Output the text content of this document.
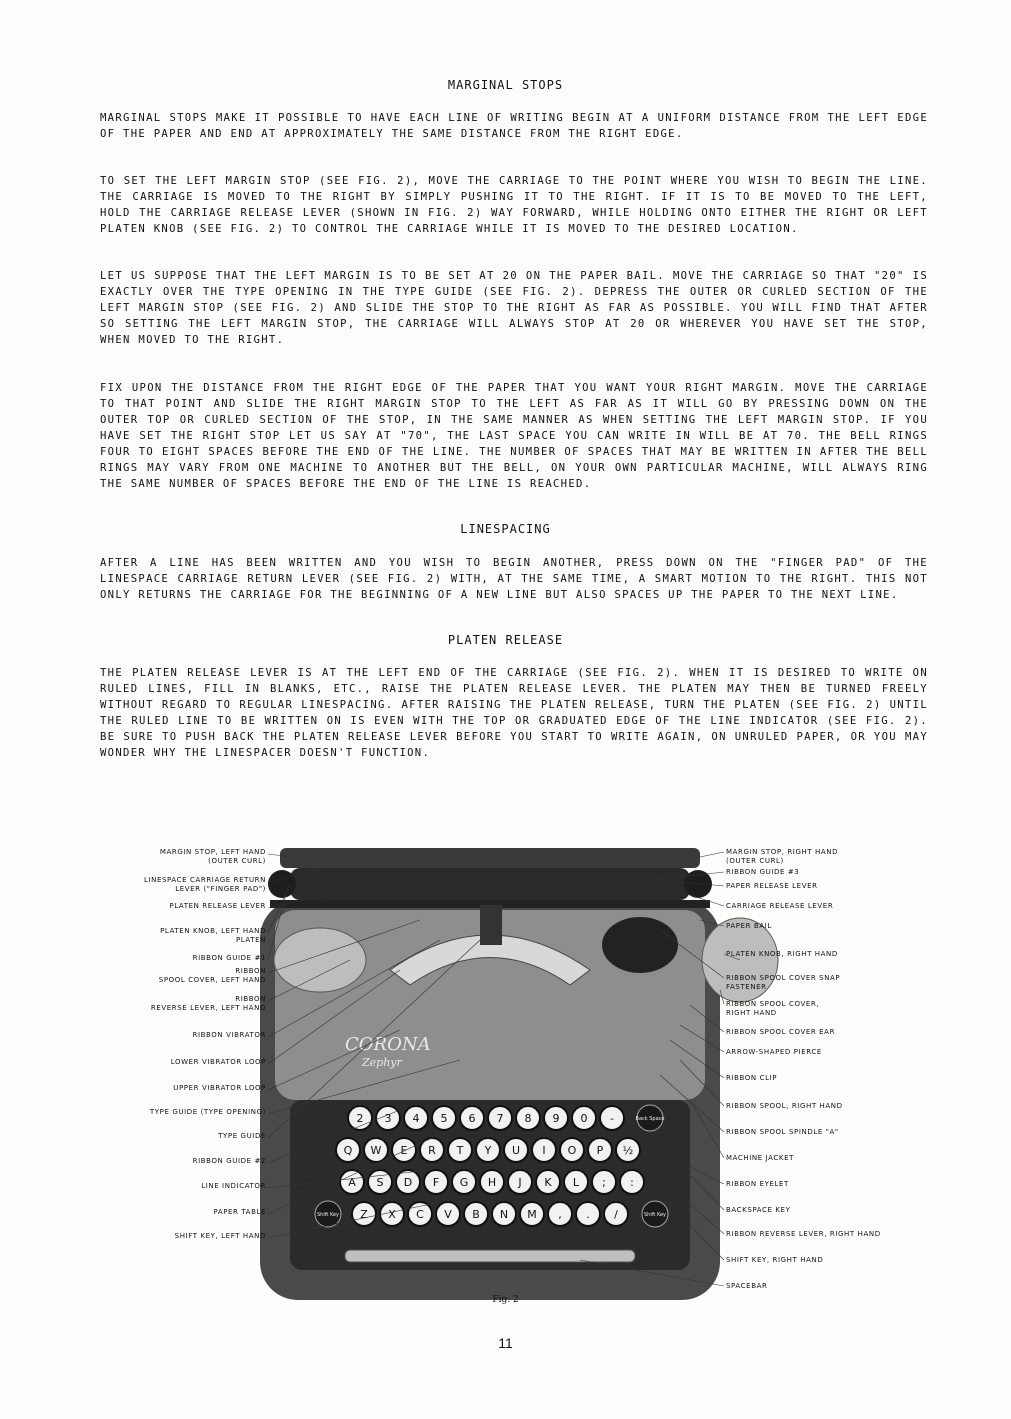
MARGINAL STOPS
MARGINAL STOPS MAKE IT POSSIBLE TO HAVE EACH LINE OF WRITING BEGIN AT A UNIFORM DISTANCE FROM THE LEFT EDGE OF THE PAPER AND END AT APPROXIMATELY THE SAME DISTANCE FROM THE RIGHT EDGE.
TO SET THE LEFT MARGIN STOP (SEE FIG. 2), MOVE THE CARRIAGE TO THE POINT WHERE YOU WISH TO BEGIN THE LINE. THE CARRIAGE IS MOVED TO THE RIGHT BY SIMPLY PUSHING IT TO THE RIGHT. IF IT IS TO BE MOVED TO THE LEFT, HOLD THE CARRIAGE RELEASE LEVER (SHOWN IN FIG. 2) WAY FORWARD, WHILE HOLDING ONTO EITHER THE RIGHT OR LEFT PLATEN KNOB (SEE FIG. 2) TO CONTROL THE CARRIAGE WHILE IT IS MOVED TO THE DESIRED LOCATION.
LET US SUPPOSE THAT THE LEFT MARGIN IS TO BE SET AT 20 ON THE PAPER BAIL. MOVE THE CARRIAGE SO THAT "20" IS EXACTLY OVER THE TYPE OPENING IN THE TYPE GUIDE (SEE FIG. 2). DEPRESS THE OUTER OR CURLED SECTION OF THE LEFT MARGIN STOP (SEE FIG. 2) AND SLIDE THE STOP TO THE RIGHT AS FAR AS POSSIBLE. YOU WILL FIND THAT AFTER SO SETTING THE LEFT MARGIN STOP, THE CARRIAGE WILL ALWAYS STOP AT 20 OR WHEREVER YOU HAVE SET THE STOP, WHEN MOVED TO THE RIGHT.
FIX UPON THE DISTANCE FROM THE RIGHT EDGE OF THE PAPER THAT YOU WANT YOUR RIGHT MARGIN. MOVE THE CARRIAGE TO THAT POINT AND SLIDE THE RIGHT MARGIN STOP TO THE LEFT AS FAR AS IT WILL GO BY PRESSING DOWN ON THE OUTER TOP OR CURLED SECTION OF THE STOP, IN THE SAME MANNER AS WHEN SETTING THE LEFT MARGIN STOP. IF YOU HAVE SET THE RIGHT STOP LET US SAY AT "70", THE LAST SPACE YOU CAN WRITE IN WILL BE AT 70. THE BELL RINGS FOUR TO EIGHT SPACES BEFORE THE END OF THE LINE. THE NUMBER OF SPACES THAT MAY BE WRITTEN IN AFTER THE BELL RINGS MAY VARY FROM ONE MACHINE TO ANOTHER BUT THE BELL, ON YOUR OWN PARTICULAR MACHINE, WILL ALWAYS RING THE SAME NUMBER OF SPACES BEFORE THE END OF THE LINE IS REACHED.
LINESPACING
AFTER A LINE HAS BEEN WRITTEN AND YOU WISH TO BEGIN ANOTHER, PRESS DOWN ON THE "FINGER PAD" OF THE LINESPACE CARRIAGE RETURN LEVER (SEE FIG. 2) WITH, AT THE SAME TIME, A SMART MOTION TO THE RIGHT. THIS NOT ONLY RETURNS THE CARRIAGE FOR THE BEGINNING OF A NEW LINE BUT ALSO SPACES UP THE PAPER TO THE NEXT LINE.
PLATEN RELEASE
THE PLATEN RELEASE LEVER IS AT THE LEFT END OF THE CARRIAGE (SEE FIG. 2). WHEN IT IS DESIRED TO WRITE ON RULED LINES, FILL IN BLANKS, ETC., RAISE THE PLATEN RELEASE LEVER. THE PLATEN MAY THEN BE TURNED FREELY WITHOUT REGARD TO REGULAR LINESPACING. AFTER RAISING THE PLATEN RELEASE, TURN THE PLATEN (SEE FIG. 2) UNTIL THE RULED LINE TO BE WRITTEN ON IS EVEN WITH THE TOP OR GRADUATED EDGE OF THE LINE INDICATOR (SEE FIG. 2). BE SURE TO PUSH BACK THE PLATEN RELEASE LEVER BEFORE YOU START TO WRITE AGAIN, ON UNRULED PAPER, OR YOU MAY WONDER WHY THE LINESPACER DOESN'T FUNCTION.
CORONA
Zephyr
2 3 4 5 6 7 8 9 0 -
Q W E R T Y U I O P ½
A S D F G H J K L ; :
Z X C V B N M , . /
Shift Key	Shift Key
Back Space
MARGIN STOP, LEFT HAND
(OUTER CURL)
LINESPACE CARRIAGE RETURN
LEVER ("FINGER PAD")
PLATEN RELEASE LEVER
PLATEN KNOB, LEFT HAND
PLATEN
RIBBON GUIDE #1
RIBBON
SPOOL COVER, LEFT HAND
RIBBON
REVERSE LEVER, LEFT HAND
RIBBON VIBRATOR
LOWER VIBRATOR LOOP
UPPER VIBRATOR LOOP
TYPE GUIDE (TYPE OPENING)
TYPE GUIDE
RIBBON GUIDE #2
LINE INDICATOR
PAPER TABLE
SHIFT KEY, LEFT HAND
MARGIN STOP, RIGHT HAND
(OUTER CURL)
RIBBON GUIDE #3
PAPER RELEASE LEVER
CARRIAGE RELEASE LEVER
PAPER BAIL
PLATEN KNOB, RIGHT HAND
RIBBON SPOOL COVER SNAP
FASTENER
RIBBON SPOOL COVER,
RIGHT HAND
RIBBON SPOOL COVER EAR
ARROW-SHAPED PIERCE
RIBBON CLIP
RIBBON SPOOL, RIGHT HAND
RIBBON SPOOL SPINDLE "A"
MACHINE JACKET
RIBBON EYELET
BACKSPACE KEY
RIBBON REVERSE LEVER, RIGHT HAND
SHIFT KEY, RIGHT HAND
SPACEBAR
Fig. 2
11
